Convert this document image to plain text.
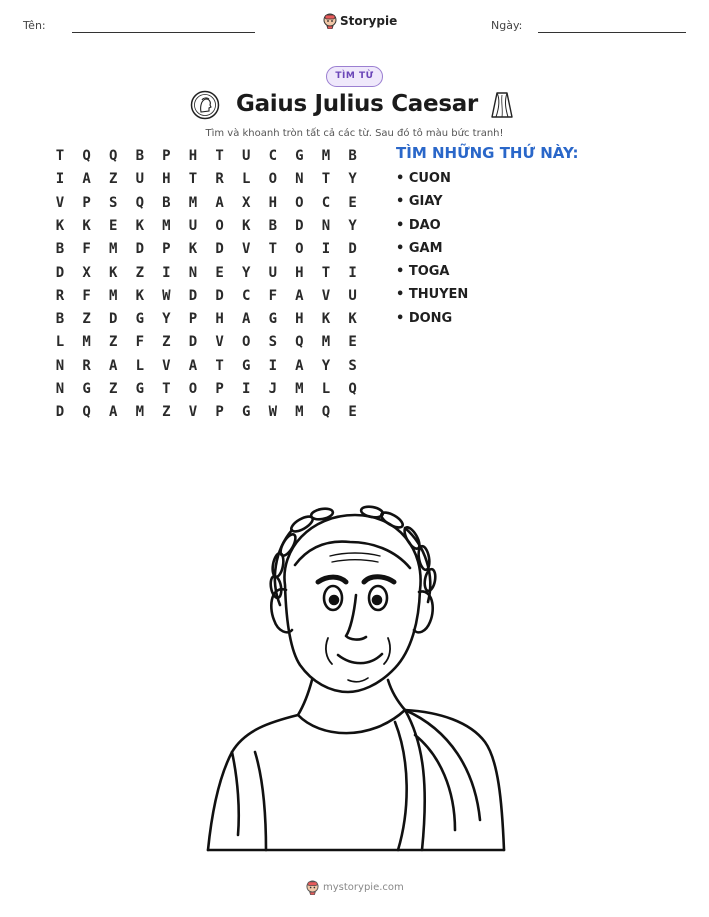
Tên:	Storypie	Ngày:
TÌM TỪ
Gaius Julius Caesar
Tìm và khoanh tròn tất cả các từ. Sau đó tô màu bức tranh!
T	Q	Q	B	P	H	T	U	C	G	M	B
I	A	Z	U	H	T	R	L	O	N	T	Y
V	P	S	Q	B	M	A	X	H	O	C	E
K	K	E	K	M	U	O	K	B	D	N	Y
B	F	M	D	P	K	D	V	T	O	I	D
D	X	K	Z	I	N	E	Y	U	H	T	I
R	F	M	K	W	D	D	C	F	A	V	U
B	Z	D	G	Y	P	H	A	G	H	K	K
L	M	Z	F	Z	D	V	O	S	Q	M	E
N	R	A	L	V	A	T	G	I	A	Y	S
N	G	Z	G	T	O	P	I	J	M	L	Q
D	Q	A	M	Z	V	P	G	W	M	Q	E
TÌM NHỮNG THỨ NÀY:
• CUON
• GIAY
• DAO
• GAM
• TOGA
• THUYEN
• DONG
mystorypie.com
